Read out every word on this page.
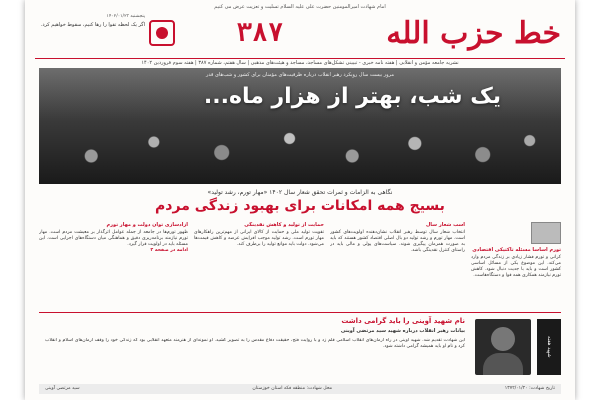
امام شهادت امیرالمومنین حضرت علی علیه السلام تسلیت و تعزیت عرض می کنیم
خط حزب الله
۳۸۷
پنجشنبه ۱۴۰۲/۰۱/۲۳
اگر یک لحظه تقوا را رها کنیم، سقوط خواهیم کرد.
نشریه جامعه مؤمن و انقلابی | هفته نامه خبری - تبیینی تشکل‌های مساجد، مساجد و هیئت‌های مذهبی | سال هفتم، شماره ۳۸۷ | هفته سوم فروردین ۱۴۰۲
مرور بیست سال رویکرد رهبر انقلاب درباره ظرفیت‌های مؤمنان برای کشور و شب‌های قدر
یک شب، بهتر از هزار ماه...
نگاهی به الزامات و ثمرات تحقق شعار سال ۱۴۰۲ «مهار تورم، رشد تولید»
بسیج همه امکانات برای بهبود زندگی مردم
تورم اساسا مسئله تاکتیکی اقتصادی
کرانی و تورم فشار زیادی بر زندگی مردم وارد می‌کند. این موضوع یکی از مسائل اساسی کشور است و باید با جدیت دنبال شود. کاهش تورم نیازمند همکاری همه قوا و دستگاه‌هاست.
اسب شعار سال
انتخاب شعار سال توسط رهبر انقلاب نشان‌دهنده اولویت‌های کشور است. مهار تورم و رشد تولید دو بال اصلی اقتصاد کشور هستند که باید به صورت همزمان پیگیری شوند. سیاست‌های پولی و مالی باید در راستای کنترل نقدینگی باشد.
حمایت از تولید و کاهش نقدینگی
تقویت تولید ملی و حمایت از کالای ایرانی از مهم‌ترین راهکارهای مهار تورم است. رشد تولید موجب افزایش عرضه و کاهش قیمت‌ها می‌شود. دولت باید موانع تولید را برطرف کند.
آزادسازی توان دولت و مهار تورم
ظهور تورم‌ها در جامعه از جمله عوامل اثرگذار بر معیشت مردم است. مهار تورم نیازمند برنامه‌ریزی دقیق و هماهنگی میان دستگاه‌های اجرایی است. این مسئله باید در اولویت قرار گیرد.
ادامه در صفحه ۳
شهید هفته
نام شهید آوینی را باید گرامی داشت
بیانات رهبر انقلاب درباره شهید سید مرتضی آوینی
این شهادت تقدیم شد. شهید آوینی در راه آرمان‌های انقلاب اسلامی قلم زد و با روایت فتح، حقیقت دفاع مقدس را به تصویر کشید. او نمونه‌ای از هنرمند متعهد انقلابی بود که زندگی خود را وقف آرمان‌های اسلام و انقلاب کرد و نام او باید همیشه گرامی داشته شود.
تاریخ شهادت: ۱۳۷۲/۰۱/۲۰
محل شهادت: منطقه فکه استان خوزستان
سید مرتضی آوینی
